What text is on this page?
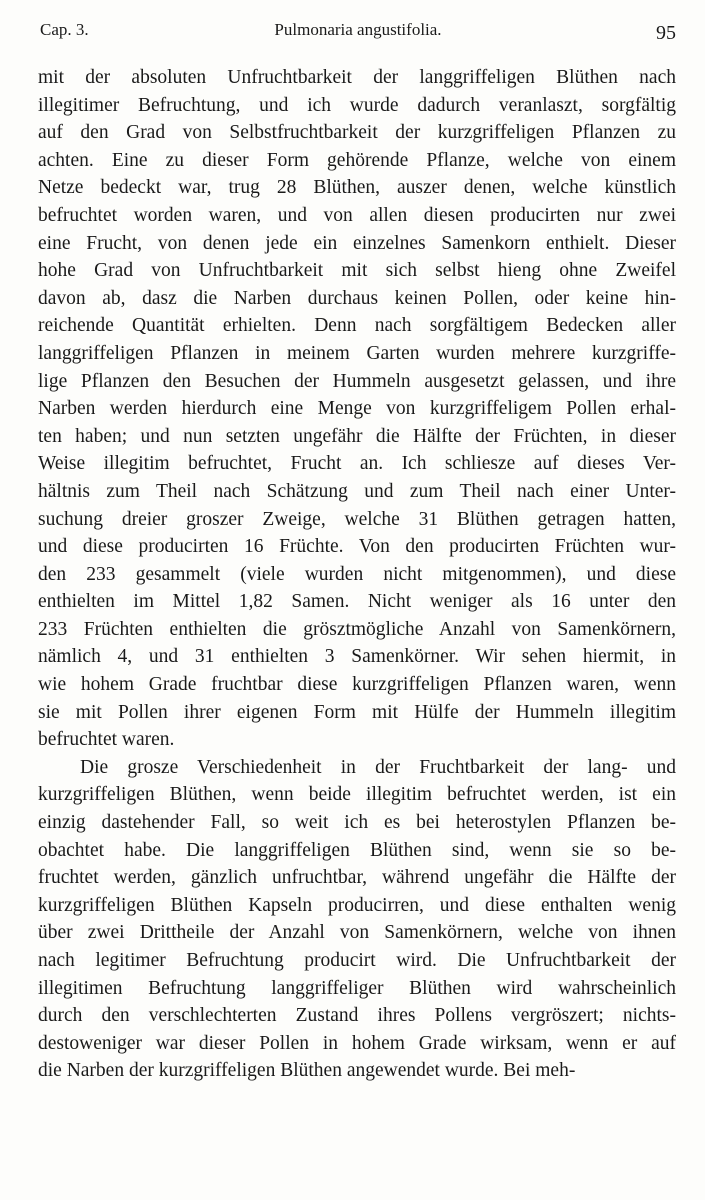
Cap. 3.	Pulmonaria angustifolia.	95
mit der absoluten Unfruchtbarkeit der langgriffeligen Blüthen nach
illegitimer Befruchtung, und ich wurde dadurch veranlaszt, sorgfältig
auf den Grad von Selbstfruchtbarkeit der kurzgriffeligen Pflanzen zu
achten. Eine zu dieser Form gehörende Pflanze, welche von einem
Netze bedeckt war, trug 28 Blüthen, auszer denen, welche künstlich
befruchtet worden waren, und von allen diesen producirten nur zwei
eine Frucht, von denen jede ein einzelnes Samenkorn enthielt. Dieser
hohe Grad von Unfruchtbarkeit mit sich selbst hieng ohne Zweifel
davon ab, dasz die Narben durchaus keinen Pollen, oder keine hin-
reichende Quantität erhielten. Denn nach sorgfältigem Bedecken aller
langgriffeligen Pflanzen in meinem Garten wurden mehrere kurzgriffe-
lige Pflanzen den Besuchen der Hummeln ausgesetzt gelassen, und ihre
Narben werden hierdurch eine Menge von kurzgriffeligem Pollen erhal-
ten haben; und nun setzten ungefähr die Hälfte der Früchten, in dieser
Weise illegitim befruchtet, Frucht an. Ich schliesze auf dieses Ver-
hältnis zum Theil nach Schätzung und zum Theil nach einer Unter-
suchung dreier groszer Zweige, welche 31 Blüthen getragen hatten,
und diese producirten 16 Früchte. Von den producirten Früchten wur-
den 233 gesammelt (viele wurden nicht mitgenommen), und diese
enthielten im Mittel 1,82 Samen. Nicht weniger als 16 unter den
233 Früchten enthielten die grösztmögliche Anzahl von Samenkörnern,
nämlich 4, und 31 enthielten 3 Samenkörner. Wir sehen hiermit, in
wie hohem Grade fruchtbar diese kurzgriffeligen Pflanzen waren, wenn
sie mit Pollen ihrer eigenen Form mit Hülfe der Hummeln illegitim
befruchtet waren.
Die grosze Verschiedenheit in der Fruchtbarkeit der lang- und
kurzgriffeligen Blüthen, wenn beide illegitim befruchtet werden, ist ein
einzig dastehender Fall, so weit ich es bei heterostylen Pflanzen be-
obachtet habe. Die langgriffeligen Blüthen sind, wenn sie so be-
fruchtet werden, gänzlich unfruchtbar, während ungefähr die Hälfte der
kurzgriffeligen Blüthen Kapseln producirren, und diese enthalten wenig
über zwei Drittheile der Anzahl von Samenkörnern, welche von ihnen
nach legitimer Befruchtung producirt wird. Die Unfruchtbarkeit der
illegitimen Befruchtung langgriffeliger Blüthen wird wahrscheinlich
durch den verschlechterten Zustand ihres Pollens vergröszert; nichts-
destoweniger war dieser Pollen in hohem Grade wirksam, wenn er auf
die Narben der kurzgriffeligen Blüthen angewendet wurde. Bei meh-
